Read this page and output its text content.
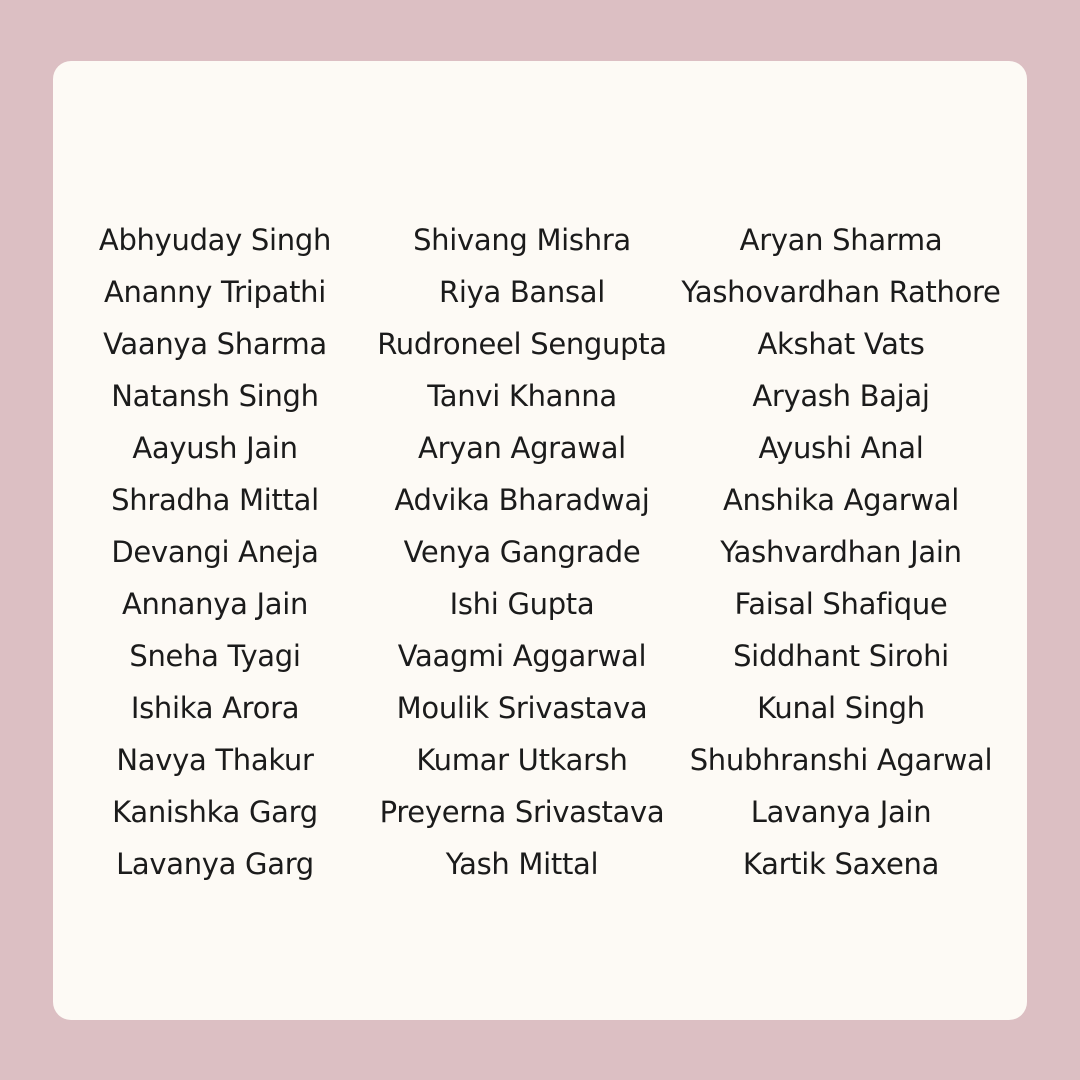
Abhyuday Singh
Ananny Tripathi
Vaanya Sharma
Natansh Singh
Aayush Jain
Shradha Mittal
Devangi Aneja
Annanya Jain
Sneha Tyagi
Ishika Arora
Navya Thakur
Kanishka Garg
Lavanya Garg
Shivang Mishra
Riya Bansal
Rudroneel Sengupta
Tanvi Khanna
Aryan Agrawal
Advika Bharadwaj
Venya Gangrade
Ishi Gupta
Vaagmi Aggarwal
Moulik Srivastava
Kumar Utkarsh
Preyerna Srivastava
Yash Mittal
Aryan Sharma
Yashovardhan Rathore
Akshat Vats
Aryash Bajaj
Ayushi Anal
Anshika Agarwal
Yashvardhan Jain
Faisal Shafique
Siddhant Sirohi
Kunal Singh
Shubhranshi Agarwal
Lavanya Jain
Kartik Saxena
